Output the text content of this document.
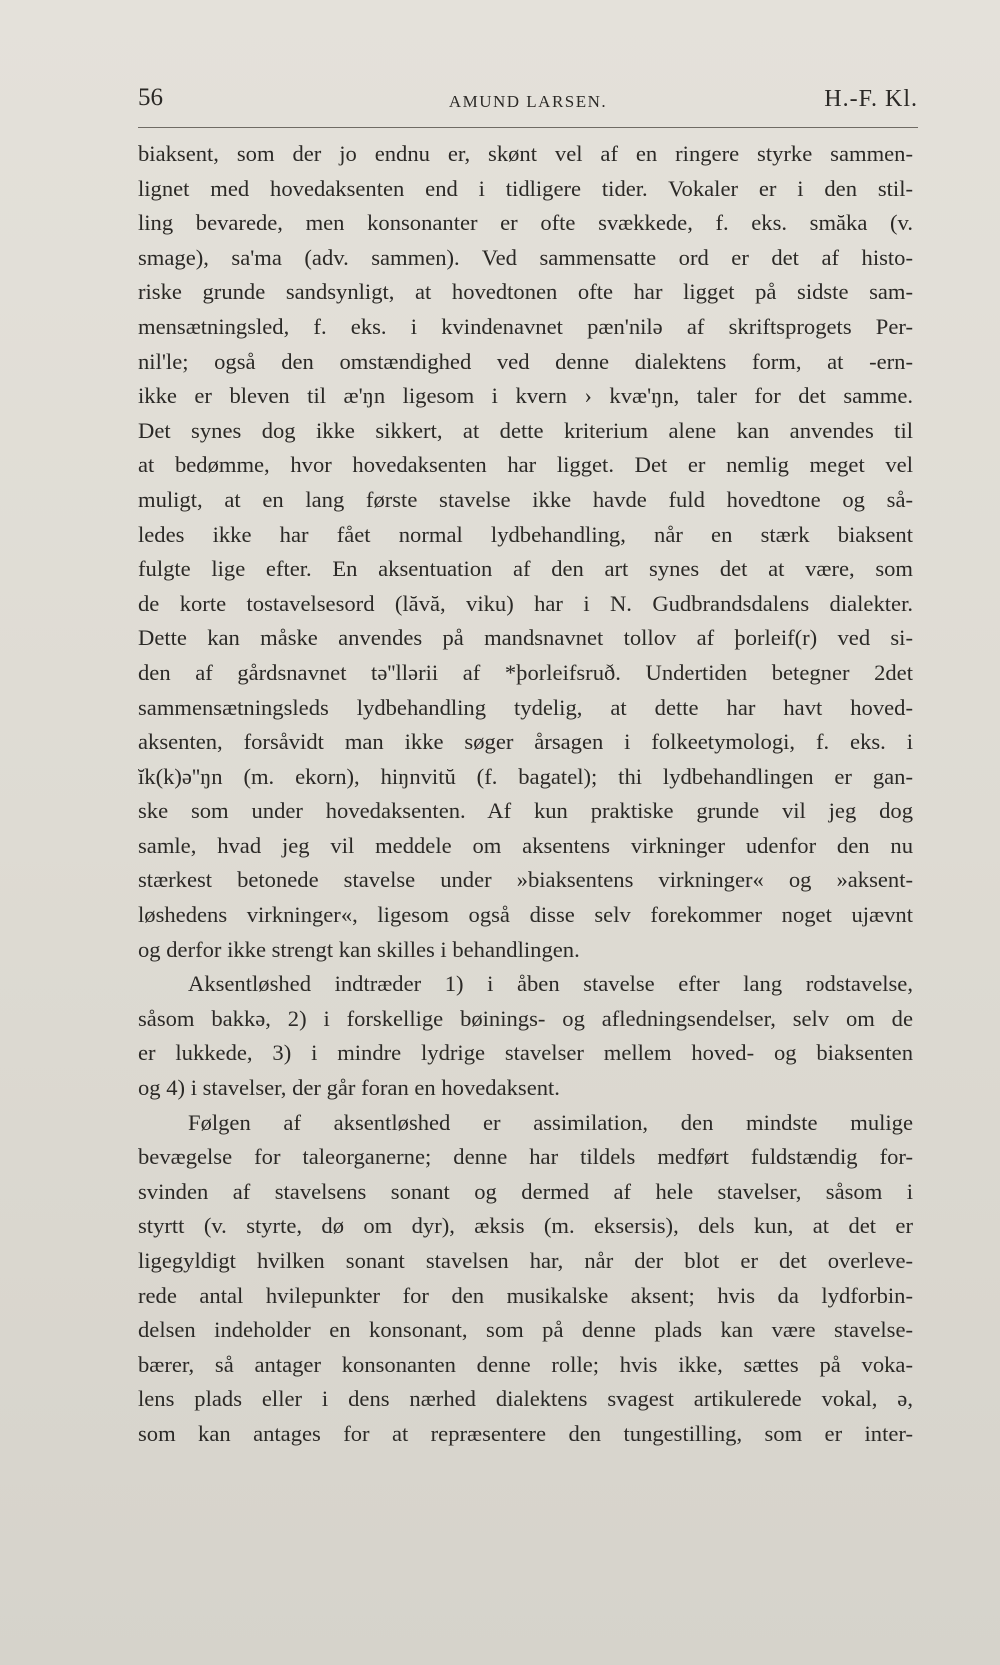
56	AMUND LARSEN.	H.-F. Kl.
biaksent, som der jo endnu er, skønt vel af en ringere styrke sammen-
lignet med hovedaksenten end i tidligere tider. Vokaler er i den stil-
ling bevarede, men konsonanter er ofte svækkede, f. eks. smăka (v.
smage), sa'ma (adv. sammen). Ved sammensatte ord er det af histo-
riske grunde sandsynligt, at hovedtonen ofte har ligget på sidste sam-
mensætningsled, f. eks. i kvindenavnet pæn'nilə af skriftsprogets Per-
nil'le; også den omstændighed ved denne dialektens form, at -ern-
ikke er bleven til æ'ŋn ligesom i kvern › kvæ'ŋn, taler for det samme.
Det synes dog ikke sikkert, at dette kriterium alene kan anvendes til
at bedømme, hvor hovedaksenten har ligget. Det er nemlig meget vel
muligt, at en lang første stavelse ikke havde fuld hovedtone og så-
ledes ikke har fået normal lydbehandling, når en stærk biaksent
fulgte lige efter. En aksentuation af den art synes det at være, som
de korte tostavelsesord (lăvă, viku) har i N. Gudbrandsdalens dialekter.
Dette kan måske anvendes på mandsnavnet tollov af þorleif(r) ved si-
den af gårdsnavnet tə''llərii af *þorleifsruð. Undertiden betegner 2det
sammensætningsleds lydbehandling tydelig, at dette har havt hoved-
aksenten, forsåvidt man ikke søger årsagen i folkeetymologi, f. eks. i
ĭk(k)ə''ŋn (m. ekorn), hiŋnvitŭ (f. bagatel); thi lydbehandlingen er gan-
ske som under hovedaksenten. Af kun praktiske grunde vil jeg dog
samle, hvad jeg vil meddele om aksentens virkninger udenfor den nu
stærkest betonede stavelse under »biaksentens virkninger« og »aksent-
løshedens virkninger«, ligesom også disse selv forekommer noget ujævnt
og derfor ikke strengt kan skilles i behandlingen.
Aksentløshed indtræder 1) i åben stavelse efter lang rodstavelse,
såsom bakkə, 2) i forskellige bøinings- og afledningsendelser, selv om de
er lukkede, 3) i mindre lydrige stavelser mellem hoved- og biaksenten
og 4) i stavelser, der går foran en hovedaksent.
Følgen af aksentløshed er assimilation, den mindste mulige
bevægelse for taleorganerne; denne har tildels medført fuldstændig for-
svinden af stavelsens sonant og dermed af hele stavelser, såsom i
styrtt (v. styrte, dø om dyr), æksis (m. eksersis), dels kun, at det er
ligegyldigt hvilken sonant stavelsen har, når der blot er det overleve-
rede antal hvilepunkter for den musikalske aksent; hvis da lydforbin-
delsen indeholder en konsonant, som på denne plads kan være stavelse-
bærer, så antager konsonanten denne rolle; hvis ikke, sættes på voka-
lens plads eller i dens nærhed dialektens svagest artikulerede vokal, ə,
som kan antages for at repræsentere den tungestilling, som er inter-
